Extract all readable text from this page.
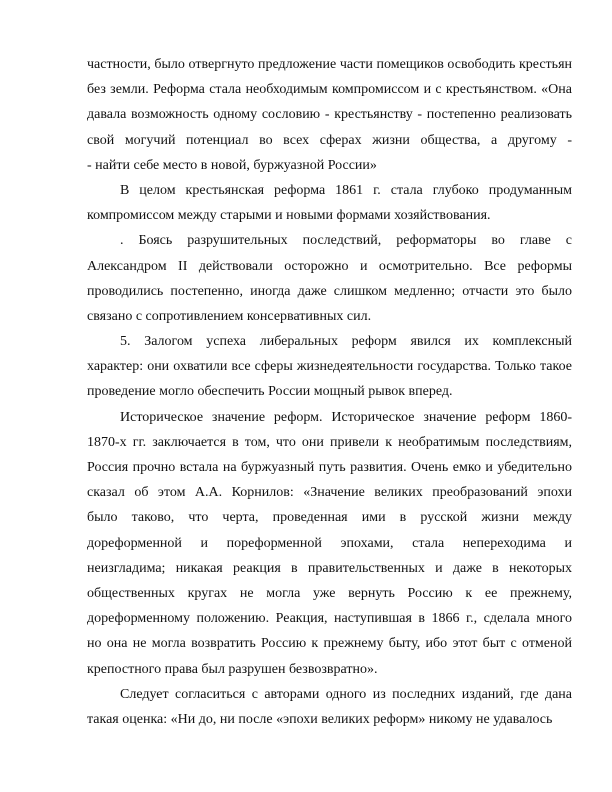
частности, было отвергнуто предложение части помещиков освободить крестьян
без земли. Реформа стала необходимым компромиссом и с крестьянством. «Она
давала возможность одному сословию - крестьянству - постепенно реализовать
свой могучий потенциал во всех сферах жизни общества, а другому -
- найти себе место в новой, буржуазной России»
В целом крестьянская реформа 1861 г. стала глубоко продуманным
компромиссом между старыми и новыми формами хозяйствования.
. Боясь разрушительных последствий, реформаторы во главе с
Александром II действовали осторожно и осмотрительно. Все реформы
проводились постепенно, иногда даже слишком медленно; отчасти это было
связано с сопротивлением консервативных сил.
5. Залогом успеха либеральных реформ явился их комплексный
характер: они охватили все сферы жизнедеятельности государства. Только такое
проведение могло обеспечить России мощный рывок вперед.
Историческое значение реформ. Историческое значение реформ 1860-
1870-х гг. заключается в том, что они привели к необратимым последствиям,
Россия прочно встала на буржуазный путь развития. Очень емко и убедительно
сказал об этом А.А. Корнилов: «Значение великих преобразований эпохи
было таково, что черта, проведенная ими в русской жизни между
дореформенной и пореформенной эпохами, стала непереходима и
неизгладима; никакая реакция в правительственных и даже в некоторых
общественных кругах не могла уже вернуть Россию к ее прежнему,
дореформенному положению. Реакция, наступившая в 1866 г., сделала много
но она не могла возвратить Россию к прежнему быту, ибо этот быт с отменой
крепостного права был разрушен безвозвратно».
Следует согласиться с авторами одного из последних изданий, где дана
такая оценка: «Ни до, ни после «эпохи великих реформ» никому не удавалось
